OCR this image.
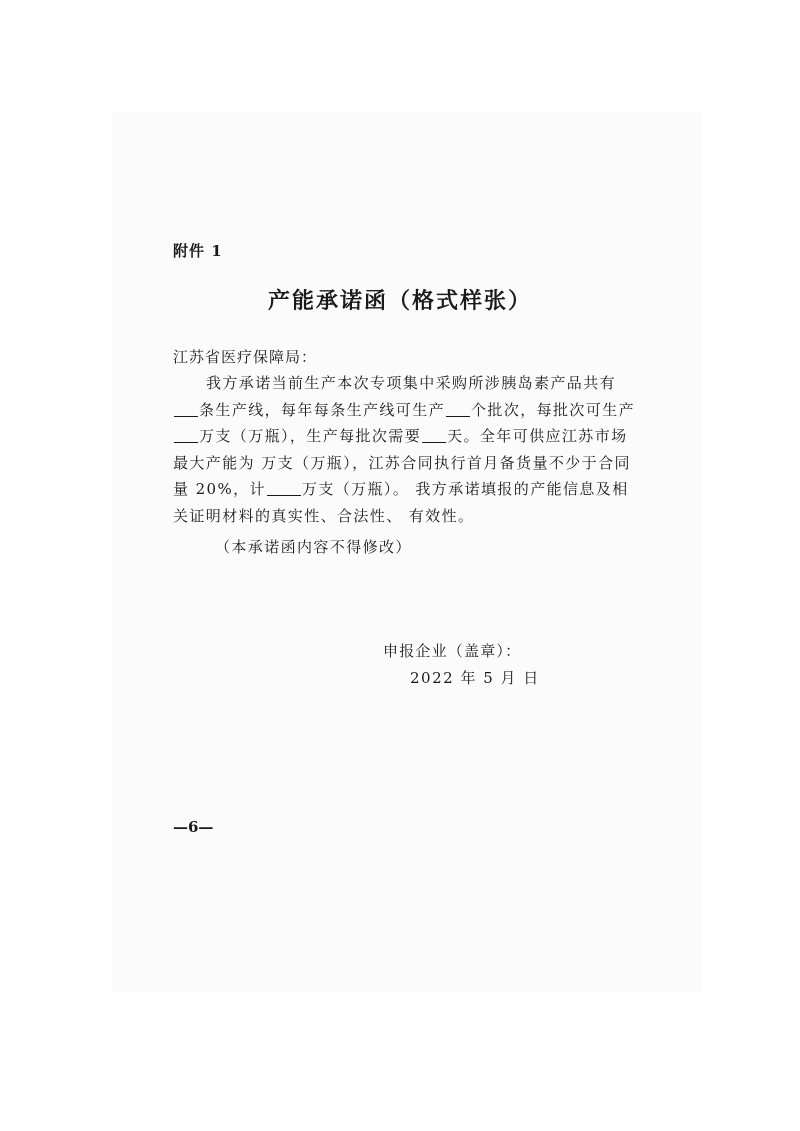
附件 1
产能承诺函（格式样张）
江苏省医疗保障局：

我方承诺当前生产本次专项集中采购所涉胰岛素产品共有条生产线，每年每条生产线可生产 个批次，每批次可生产万支（万瓶），生产每批次需要 天。全年可供应江苏市场最大产能为 万支（万瓶），江苏合同执行首月备货量不少于合同量 20%，计 万支（万瓶）。 我方承诺填报的产能信息及相关证明材料的真实性、合法性、 有效性。

（本承诺函内容不得修改）
申报企业（盖章）：
2022 年 5 月 日
—6—
